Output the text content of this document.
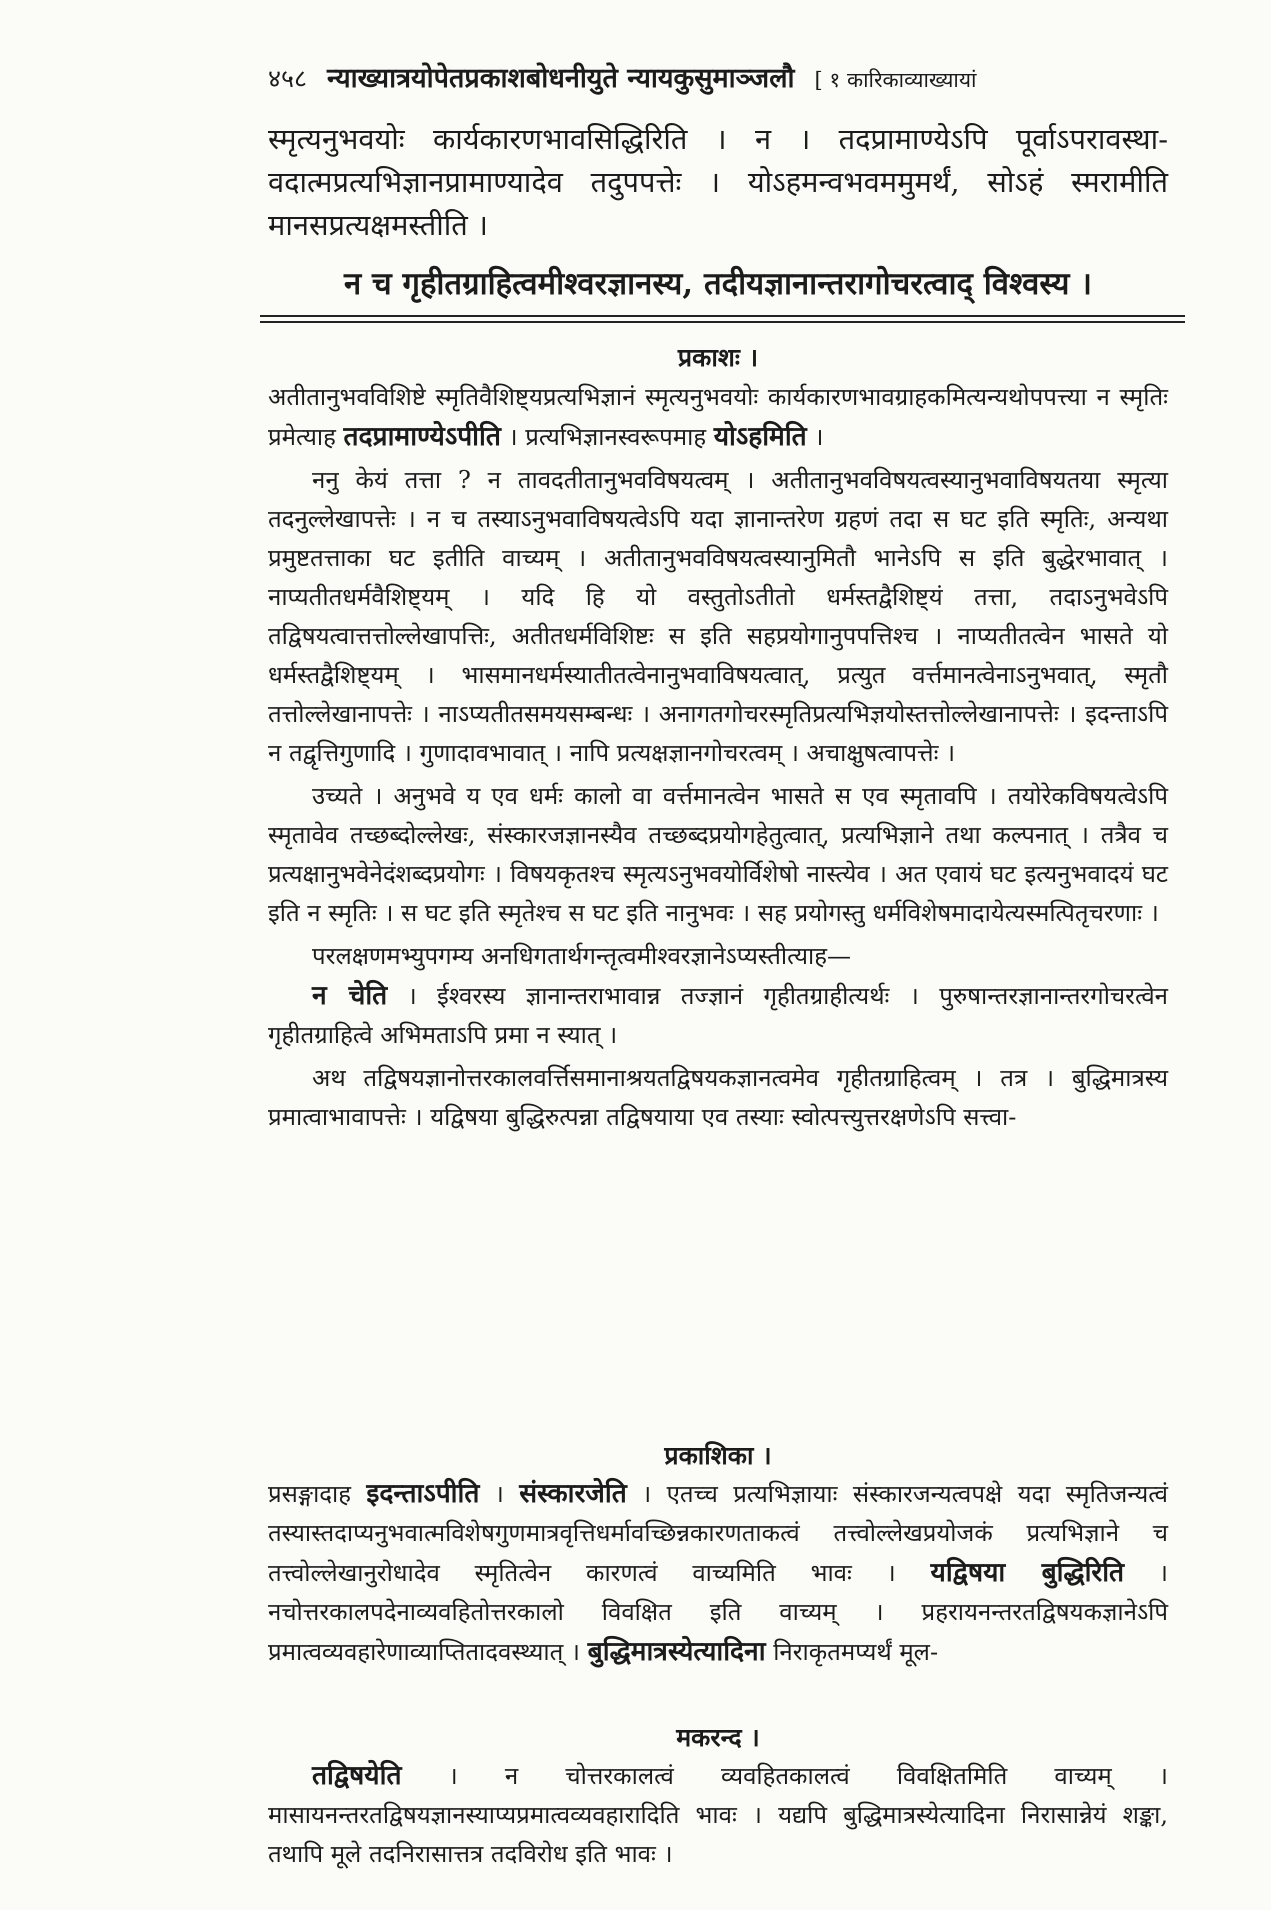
४५८ न्याख्यात्रयोपेतप्रकाशबोधनीयुते न्यायकुसुमाञ्जलौ [ १ कारिकाव्याख्यायां

स्मृत्यनुभवयोः कार्यकारणभावसिद्धिरिति । न । तदप्रामाण्येऽपि पूर्वाऽपरावस्था-वदात्मप्रत्यभिज्ञानप्रामाण्यादेव तदुपपत्तेः । योऽहमन्वभवममुमर्थं, सोऽहं स्मरामीति मानसप्रत्यक्षमस्तीति ।

न च गृहीतग्राहित्वमीश्वरज्ञानस्य, तदीयज्ञानान्तरागोचरत्वाद् विश्वस्य ।
प्रकाशः ।

अतीतानुभवविशिष्टे स्मृतिवैशिष्ट्यप्रत्यभिज्ञानं स्मृत्यनुभवयोः कार्यकारणभावग्राहकमित्यन्यथोपपत्त्या न स्मृतिः प्रमेत्याह तदप्रामाण्येऽपीति । प्रत्यभिज्ञानस्वरूपमाह योऽहमिति ।

ननु केयं तत्ता ? न तावदतीतानुभवविषयत्वम् । अतीतानुभवविषयत्वस्यानुभवाविषयतया स्मृत्या तदनुल्लेखापत्तेः । न च तस्याऽनुभवाविषयत्वेऽपि यदा ज्ञानान्तरेण ग्रहणं तदा स घट इति स्मृतिः, अन्यथा प्रमुष्टतत्ताका घट इतीति वाच्यम् । अतीतानुभवविषयत्वस्यानुमितौ भानेऽपि स इति बुद्धेरभावात् । नाप्यतीतधर्मवैशिष्ट्यम् । यदि हि यो वस्तुतोऽतीतो धर्मस्तद्वैशिष्ट्यं तत्ता, तदाऽनुभवेऽपि तद्विषयत्वात्तत्तोल्लेखापत्तिः, अतीतधर्मविशिष्टः स इति सहप्रयोगानुपपत्तिश्च । नाप्यतीतत्वेन भासते यो धर्मस्तद्वैशिष्ट्यम् । भासमानधर्मस्यातीतत्वेनानुभवाविषयत्वात्, प्रत्युत वर्त्तमानत्वेनाऽनुभवात्, स्मृतौ तत्तोल्लेखानापत्तेः । नाऽप्यतीतसमयसम्बन्धः । अनागतगोचरस्मृतिप्रत्यभिज्ञयोस्तत्तोल्लेखानापत्तेः । इदन्ताऽपि न तद्वृत्तिगुणादि । गुणादावभावात् । नापि प्रत्यक्षज्ञानगोचरत्वम् । अचाक्षुषत्वापत्तेः ।

उच्यते । अनुभवे य एव धर्मः कालो वा वर्त्तमानत्वेन भासते स एव स्मृतावपि । तयोरेकविषयत्वेऽपि स्मृतावेव तच्छब्दोल्लेखः, संस्कारजज्ञानस्यैव तच्छब्दप्रयोगहेतुत्वात्, प्रत्यभिज्ञाने तथा कल्पनात् । तत्रैव च प्रत्यक्षानुभवेनेदंशब्दप्रयोगः । विषयकृतश्च स्मृत्यऽनुभवयोर्विशेषो नास्त्येव । अत एवायं घट इत्यनुभवादयं घट इति न स्मृतिः । स घट इति स्मृतेश्च स घट इति नानुभवः । सह प्रयोगस्तु धर्मविशेषमादायेत्यस्मत्पितृचरणाः ।

परलक्षणमभ्युपगम्य अनधिगतार्थगन्तृत्वमीश्वरज्ञानेऽप्यस्तीत्याह—

न चेति । ईश्वरस्य ज्ञानान्तराभावान्न तज्ज्ञानं गृहीतग्राहीत्यर्थः । पुरुषान्तरज्ञानान्तरगोचरत्वेन गृहीतग्राहित्वे अभिमताऽपि प्रमा न स्यात् ।

अथ तद्विषयज्ञानोत्तरकालवर्त्तिसमानाश्रयतद्विषयकज्ञानत्वमेव गृहीतग्राहित्वम् । तत्र । बुद्धिमात्रस्य प्रमात्वाभावापत्तेः । यद्विषया बुद्धिरुत्पन्ना तद्विषयाया एव तस्याः स्वोत्पत्त्युत्तरक्षणेऽपि सत्त्वा-

प्रकाशिका ।

प्रसङ्गादाह इदन्ताऽपीति । संस्कारजेति । एतच्च प्रत्यभिज्ञायाः संस्कारजन्यत्वपक्षे यदा स्मृतिजन्यत्वं तस्यास्तदाप्यनुभवात्मविशेषगुणमात्रवृत्तिधर्मावच्छिन्नकारणताकत्वं तत्त्वोल्लेखप्रयोजकं प्रत्यभिज्ञाने च तत्त्वोल्लेखानुरोधादेव स्मृतित्वेन कारणत्वं वाच्यमिति भावः । यद्विषया बुद्धिरिति । नचोत्तरकालपदेनाव्यवहितोत्तरकालो विवक्षित इति वाच्यम् । प्रहरायनन्तरतद्विषयकज्ञानेऽपि प्रमात्वव्यवहारेणाव्याप्तितादवस्थ्यात् । बुद्धिमात्रस्येत्यादिना निराकृतमप्यर्थं मूल-

मकरन्द ।

तद्विषयेति । न चोत्तरकालत्वं व्यवहितकालत्वं विवक्षितमिति वाच्यम् । मासायनन्तरतद्विषयज्ञानस्याप्यप्रमात्वव्यवहारादिति भावः । यद्यपि बुद्धिमात्रस्येत्यादिना निरासान्नेयं शङ्का, तथापि मूले तदनिरासात्तत्र तदविरोध इति भावः ।
